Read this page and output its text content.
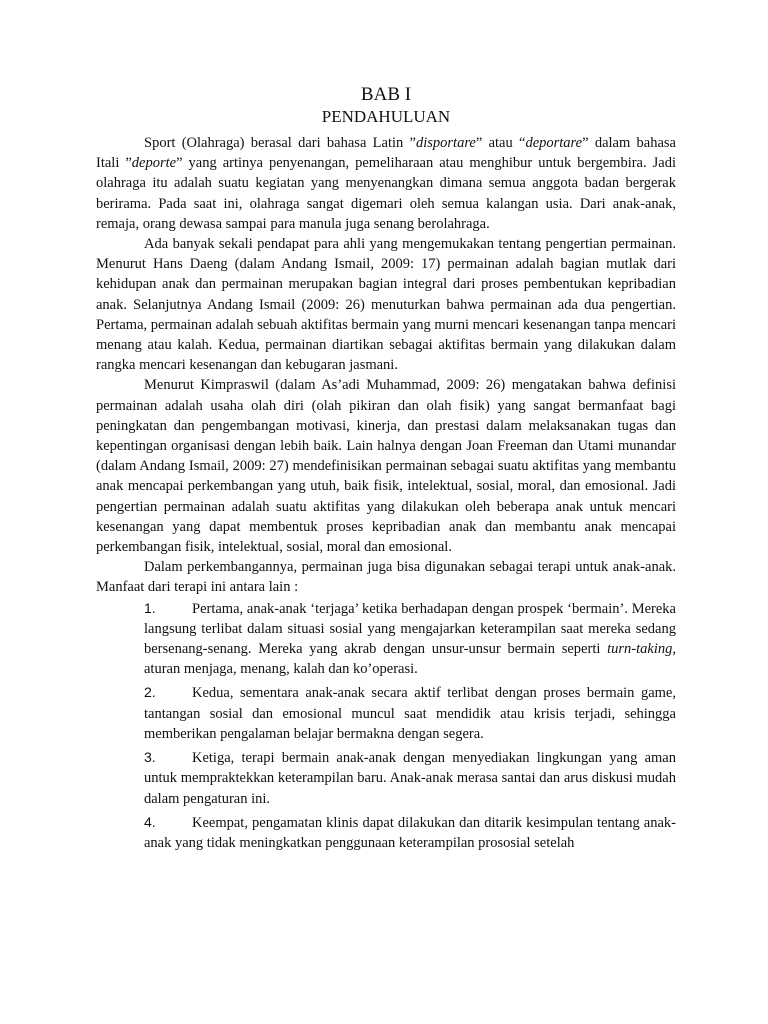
BAB I
PENDAHULUAN

Sport (Olahraga) berasal dari bahasa Latin ”disportare” atau “deportare” dalam bahasa Itali ”deporte” yang artinya penyenangan, pemeliharaan atau menghibur untuk bergembira. Jadi olahraga itu adalah suatu kegiatan yang menyenangkan dimana semua anggota badan bergerak berirama. Pada saat ini, olahraga sangat digemari oleh semua kalangan usia. Dari anak-anak, remaja, orang dewasa sampai para manula juga senang berolahraga.

Ada banyak sekali pendapat para ahli yang mengemukakan tentang pengertian permainan. Menurut Hans Daeng (dalam Andang Ismail, 2009: 17) permainan adalah bagian mutlak dari kehidupan anak dan permainan merupakan bagian integral dari proses pembentukan kepribadian anak. Selanjutnya Andang Ismail (2009: 26) menuturkan bahwa permainan ada dua pengertian. Pertama, permainan adalah sebuah aktifitas bermain yang murni mencari kesenangan tanpa mencari menang atau kalah. Kedua, permainan diartikan sebagai aktifitas bermain yang dilakukan dalam rangka mencari kesenangan dan kebugaran jasmani.

Menurut Kimpraswil (dalam As’adi Muhammad, 2009: 26) mengatakan bahwa definisi permainan adalah usaha olah diri (olah pikiran dan olah fisik) yang sangat bermanfaat bagi peningkatan dan pengembangan motivasi, kinerja, dan prestasi dalam melaksanakan tugas dan kepentingan organisasi dengan lebih baik. Lain halnya dengan Joan Freeman dan Utami munandar (dalam Andang Ismail, 2009: 27) mendefinisikan permainan sebagai suatu aktifitas yang membantu anak mencapai perkembangan yang utuh, baik fisik, intelektual, sosial, moral, dan emosional. Jadi pengertian permainan adalah suatu aktifitas yang dilakukan oleh beberapa anak untuk mencari kesenangan yang dapat membentuk proses kepribadian anak dan membantu anak mencapai perkembangan fisik, intelektual, sosial, moral dan emosional.

Dalam perkembangannya, permainan juga bisa digunakan sebagai terapi untuk anak-anak. Manfaat dari terapi ini antara lain :

1.	Pertama, anak-anak ‘terjaga’ ketika berhadapan dengan prospek ‘bermain’. Mereka langsung terlibat dalam situasi sosial yang mengajarkan keterampilan saat mereka sedang bersenang-senang. Mereka yang akrab dengan unsur-unsur bermain seperti turn-taking, aturan menjaga, menang, kalah dan ko’operasi.
2.	Kedua, sementara anak-anak secara aktif terlibat dengan proses bermain game, tantangan sosial dan emosional muncul saat mendidik atau krisis terjadi, sehingga memberikan pengalaman belajar bermakna dengan segera.
3.	Ketiga, terapi bermain anak-anak dengan menyediakan lingkungan yang aman untuk mempraktekkan keterampilan baru. Anak-anak merasa santai dan arus diskusi mudah dalam pengaturan ini.
4.	Keempat, pengamatan klinis dapat dilakukan dan ditarik kesimpulan tentang anak-anak yang tidak meningkatkan penggunaan keterampilan prososial setelah
